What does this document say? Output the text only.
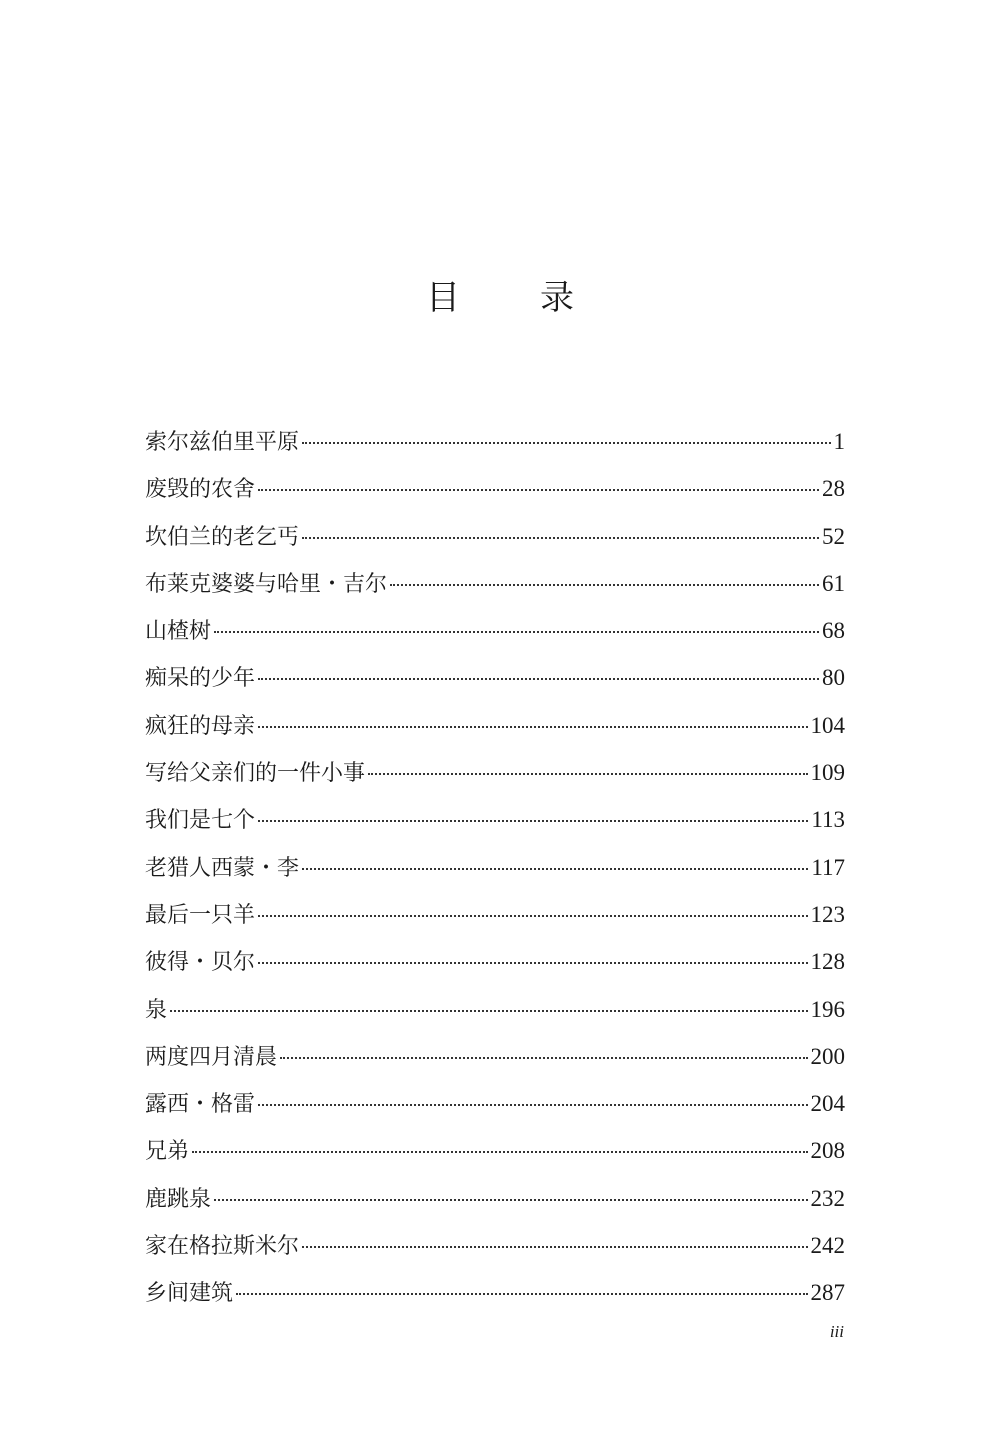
目 录
索尔兹伯里平原	1
废毁的农舍	28
坎伯兰的老乞丐	52
布莱克婆婆与哈里・吉尔	61
山楂树	68
痴呆的少年	80
疯狂的母亲	104
写给父亲们的一件小事	109
我们是七个	113
老猎人西蒙・李	117
最后一只羊	123
彼得・贝尔	128
泉	196
两度四月清晨	200
露西・格雷	204
兄弟	208
鹿跳泉	232
家在格拉斯米尔	242
乡间建筑	287
iii
